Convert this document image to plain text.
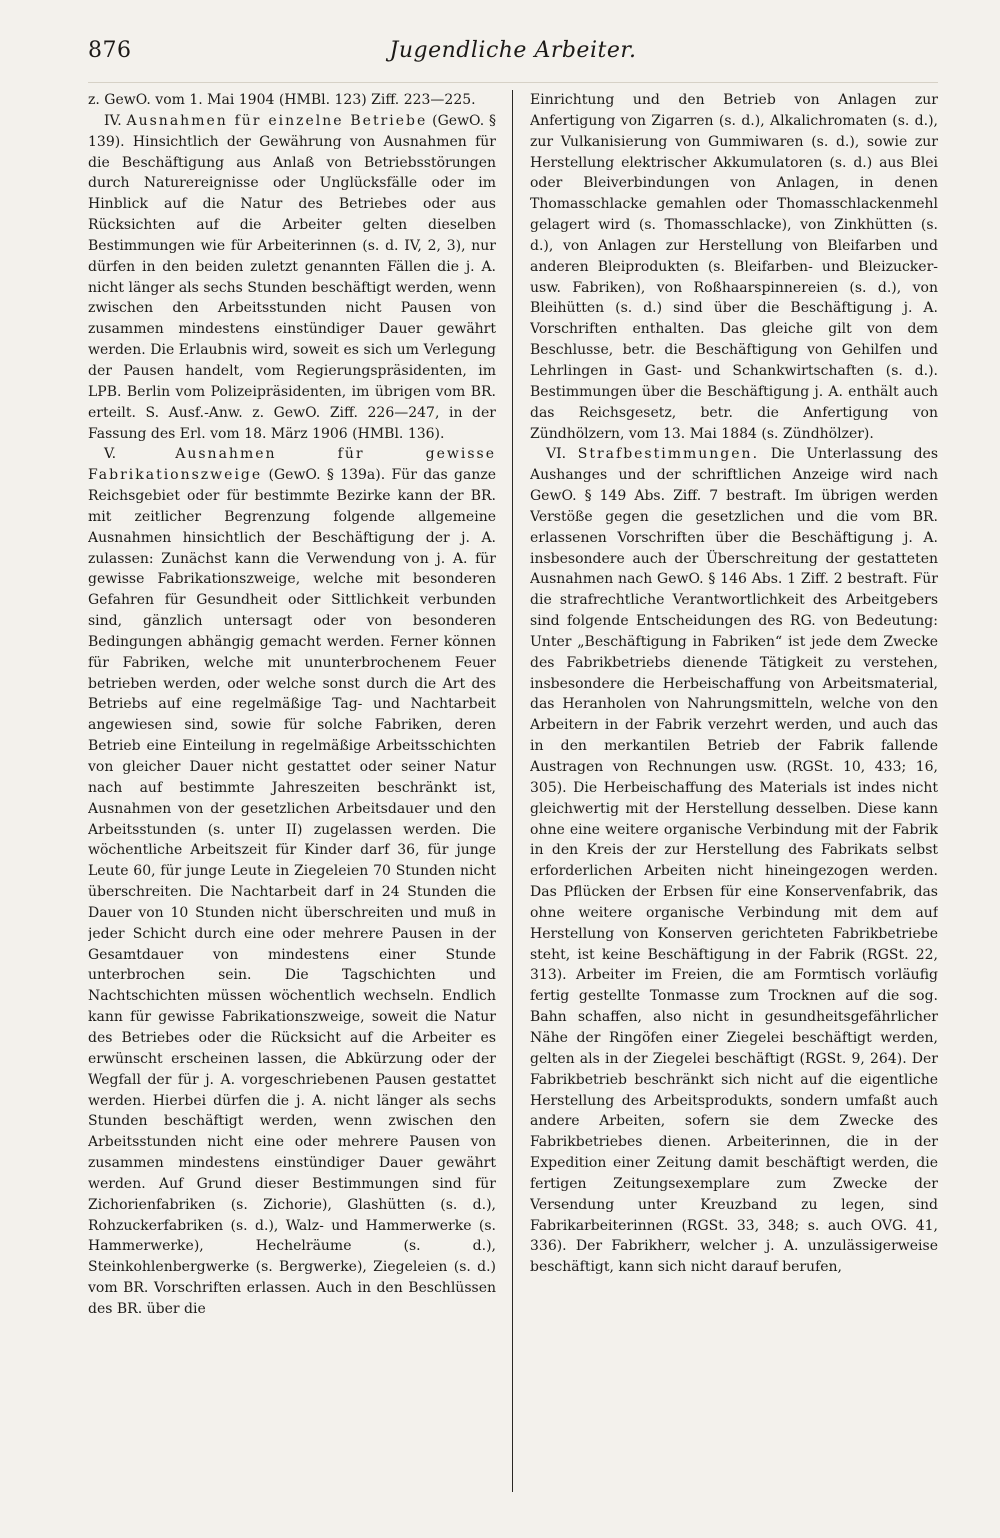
876	Jugendliche Arbeiter.

z. GewO. vom 1. Mai 1904 (HMBl. 123) Ziff. 223—225.

IV. Ausnahmen für einzelne Betriebe (GewO. § 139). Hinsichtlich der Gewährung von Ausnahmen für die Beschäftigung aus Anlaß von Betriebsstörungen durch Naturereignisse oder Unglücksfälle oder im Hinblick auf die Natur des Betriebes oder aus Rücksichten auf die Arbeiter gelten dieselben Bestimmungen wie für Arbeiterinnen (s. d. IV, 2, 3), nur dürfen in den beiden zuletzt genannten Fällen die j. A. nicht länger als sechs Stunden beschäftigt werden, wenn zwischen den Arbeitsstunden nicht Pausen von zusammen mindestens einstündiger Dauer gewährt werden. Die Erlaubnis wird, soweit es sich um Verlegung der Pausen handelt, vom Regierungspräsidenten, im LPB. Berlin vom Polizeipräsidenten, im übrigen vom BR. erteilt. S. Ausf.-Anw. z. GewO. Ziff. 226—247, in der Fassung des Erl. vom 18. März 1906 (HMBl. 136).

V.	Ausnahmen für gewisse Fabrikationszweige (GewO. § 139a). Für das ganze Reichsgebiet oder für bestimmte Bezirke kann der BR. mit zeitlicher Begrenzung folgende allgemeine Ausnahmen hinsichtlich der Beschäftigung der j. A. zulassen: Zunächst kann die Verwendung von j. A. für gewisse Fabrikationszweige, welche mit besonderen Gefahren für Gesundheit oder Sittlichkeit verbunden sind, gänzlich untersagt oder von besonderen Bedingungen abhängig gemacht werden. Ferner können für Fabriken, welche mit ununterbrochenem Feuer betrieben werden, oder welche sonst durch die Art des Betriebs auf eine regelmäßige Tag- und Nachtarbeit angewiesen sind, sowie für solche Fabriken, deren Betrieb eine Einteilung in regelmäßige Arbeitsschichten von gleicher Dauer nicht gestattet oder seiner Natur nach auf bestimmte Jahreszeiten beschränkt ist, Ausnahmen von der gesetzlichen Arbeitsdauer und den Arbeitsstunden (s. unter II) zugelassen werden. Die wöchentliche Arbeitszeit für Kinder darf 36, für junge Leute 60, für junge Leute in Ziegeleien 70 Stunden nicht überschreiten. Die Nachtarbeit darf in 24 Stunden die Dauer von 10 Stunden nicht überschreiten und muß in jeder Schicht durch eine oder mehrere Pausen in der Gesamtdauer von mindestens einer Stunde unterbrochen sein. Die Tagschichten und Nachtschichten müssen wöchentlich wechseln. Endlich kann für gewisse Fabrikationszweige, soweit die Natur des Betriebes oder die Rücksicht auf die Arbeiter es erwünscht erscheinen lassen, die Abkürzung oder der Wegfall der für j. A. vorgeschriebenen Pausen gestattet werden. Hierbei dürfen die j. A. nicht länger als sechs Stunden beschäftigt werden, wenn zwischen den Arbeitsstunden nicht eine oder mehrere Pausen von zusammen mindestens einstündiger Dauer gewährt werden. Auf Grund dieser Bestimmungen sind für Zichorienfabriken (s. Zichorie), Glashütten (s. d.), Rohzuckerfabriken (s. d.), Walz- und Hammerwerke (s. Hammerwerke), Hechelräume (s. d.), Steinkohlenbergwerke (s. Bergwerke), Ziegeleien (s. d.) vom BR. Vorschriften erlassen. Auch in den Beschlüssen des BR. über die

Einrichtung und den Betrieb von Anlagen zur Anfertigung von Zigarren (s. d.), Alkalichromaten (s. d.), zur Vulkanisierung von Gummiwaren (s. d.), sowie zur Herstellung elektrischer Akkumulatoren (s. d.) aus Blei oder Bleiverbindungen von Anlagen, in denen Thomasschlacke gemahlen oder Thomasschlackenmehl gelagert wird (s. Thomasschlacke), von Zinkhütten (s. d.), von Anlagen zur Herstellung von Bleifarben und anderen Bleiprodukten (s. Bleifarben- und Bleizucker- usw. Fabriken), von Roßhaarspinnereien (s. d.), von Bleihütten (s. d.) sind über die Beschäftigung j. A. Vorschriften enthalten. Das gleiche gilt von dem Beschlusse, betr. die Beschäftigung von Gehilfen und Lehrlingen in Gast- und Schankwirtschaften (s. d.). Bestimmungen über die Beschäftigung j. A. enthält auch das Reichsgesetz, betr. die Anfertigung von Zündhölzern, vom 13. Mai 1884 (s. Zündhölzer).

VI. Strafbestimmungen. Die Unterlassung des Aushanges und der schriftlichen Anzeige wird nach GewO. § 149 Abs. Ziff. 7 bestraft. Im übrigen werden Verstöße gegen die gesetzlichen und die vom BR. erlassenen Vorschriften über die Beschäftigung j. A. insbesondere auch der Überschreitung der gestatteten Ausnahmen nach GewO. § 146 Abs. 1 Ziff. 2 bestraft. Für die strafrechtliche Verantwortlichkeit des Arbeitgebers sind folgende Entscheidungen des RG. von Bedeutung: Unter „Beschäftigung in Fabriken“ ist jede dem Zwecke des Fabrikbetriebs dienende Tätigkeit zu verstehen, insbesondere die Herbeischaffung von Arbeitsmaterial, das Heranholen von Nahrungsmitteln, welche von den Arbeitern in der Fabrik verzehrt werden, und auch das in den merkantilen Betrieb der Fabrik fallende Austragen von Rechnungen usw. (RGSt. 10, 433; 16, 305). Die Herbeischaffung des Materials ist indes nicht gleichwertig mit der Herstellung desselben. Diese kann ohne eine weitere organische Verbindung mit der Fabrik in den Kreis der zur Herstellung des Fabrikats selbst erforderlichen Arbeiten nicht hineingezogen werden. Das Pflücken der Erbsen für eine Konservenfabrik, das ohne weitere organische Verbindung mit dem auf Herstellung von Konserven gerichteten Fabrikbetriebe steht, ist keine Beschäftigung in der Fabrik (RGSt. 22, 313). Arbeiter im Freien, die am Formtisch vorläufig fertig gestellte Tonmasse zum Trocknen auf die sog. Bahn schaffen, also nicht in gesundheitsgefährlicher Nähe der Ringöfen einer Ziegelei beschäftigt werden, gelten als in der Ziegelei beschäftigt (RGSt. 9, 264). Der Fabrikbetrieb beschränkt sich nicht auf die eigentliche Herstellung des Arbeitsprodukts, sondern umfaßt auch andere Arbeiten, sofern sie dem Zwecke des Fabrikbetriebes dienen. Arbeiterinnen, die in der Expedition einer Zeitung damit beschäftigt werden, die fertigen Zeitungsexemplare zum Zwecke der Versendung unter Kreuzband zu legen, sind Fabrikarbeiterinnen (RGSt. 33, 348; s. auch OVG. 41, 336). Der Fabrikherr, welcher j. A. unzulässigerweise beschäftigt, kann sich nicht darauf berufen,
